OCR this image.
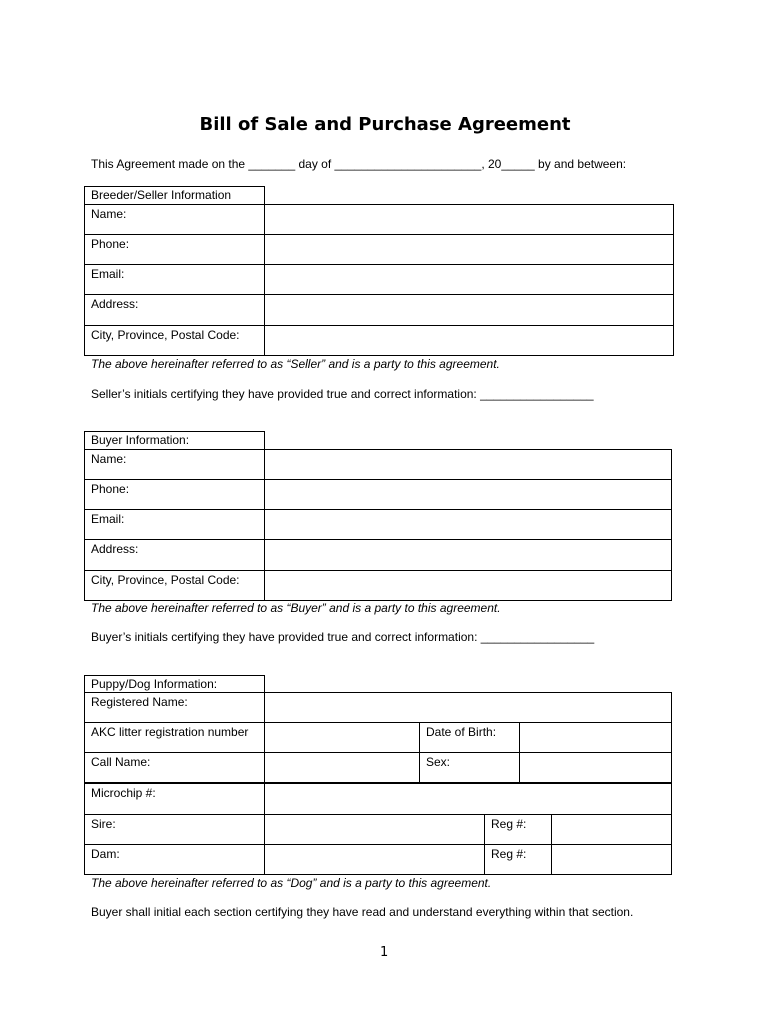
Bill of Sale and Purchase Agreement
This Agreement made on the _______ day of ______________________, 20_____ by and between:
Breeder/Seller Information
Name:
Phone:
Email:
Address:
City, Province, Postal Code:
The above hereinafter referred to as “Seller” and is a party to this agreement.
Seller’s initials certifying they have provided true and correct information: _________________
Buyer Information:
Name:
Phone:
Email:
Address:
City, Province, Postal Code:
The above hereinafter referred to as “Buyer” and is a party to this agreement.
Buyer’s initials certifying they have provided true and correct information: _________________
Puppy/Dog Information:
Registered Name:
AKC litter registration number	Date of Birth:
Call Name:	Sex:
Microchip #:
Sire:	Reg #:
Dam:	Reg #:
The above hereinafter referred to as “Dog” and is a party to this agreement.
Buyer shall initial each section certifying they have read and understand everything within that section.
1
